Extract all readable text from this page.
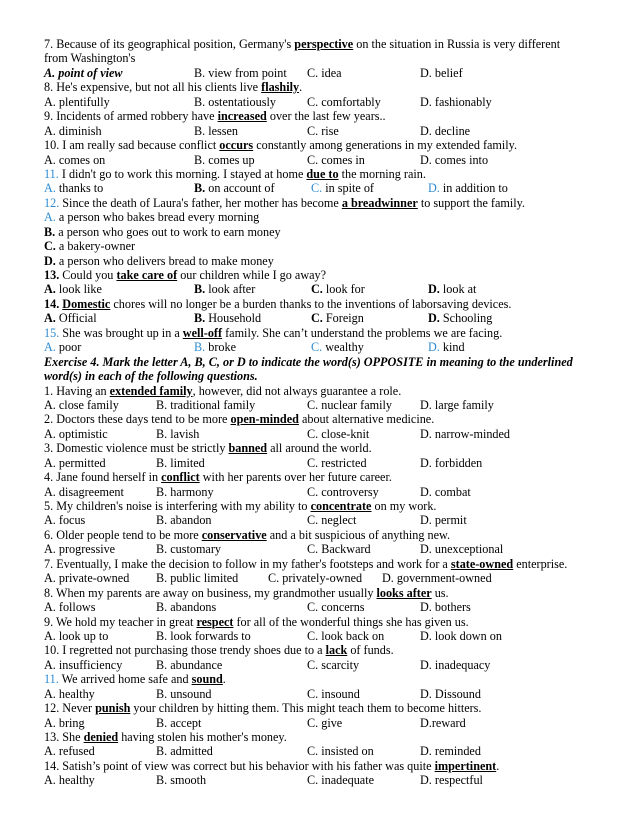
7. Because of its geographical position, Germany's perspective on the situation in Russia is very different
from Washington's
A. point of view	B. view from point C. idea	D. belief
8. He's expensive, but not all his clients live flashily.
A. plentifully	B. ostentatiously	C. comfortably	D. fashionably
9. Incidents of armed robbery have increased over the last few years..
A. diminish	B. lessen	C. rise	D. decline
10. I am really sad because conflict occurs constantly among generations in my extended family.
A. comes on	B. comes up	C. comes in	D. comes into
11. I didn't go to work this morning. I stayed at home due to the morning rain.
A. thanks to	B. on account of	C. in spite of	D. in addition to
12. Since the death of Laura's father, her mother has become a breadwinner to support the family.
A. a person who bakes bread every morning
B. a person who goes out to work to earn money
C. a bakery-owner
D. a person who delivers bread to make money
13. Could you take care of our children while I go away?
A. look like	B. look after	C. look for	D. look at
14. Domestic chores will no longer be a burden thanks to the inventions of laborsaving devices.
A. Official	B. Household	C. Foreign	D. Schooling
15. She was brought up in a well-off family. She can’t understand the problems we are facing.
A. poor	B. broke	C. wealthy	D. kind
Exercise 4. Mark the letter A, B, C, or D to indicate the word(s) OPPOSITE in meaning to the underlined
word(s) in each of the following questions.
1. Having an extended family, however, did not always guarantee a role.
A. close family	B. traditional family	C. nuclear family D. large family
2. Doctors these days tend to be more open-minded about alternative medicine.
A. optimistic	B. lavish	C. close-knit	D. narrow-minded
3. Domestic violence must be strictly banned all around the world.
A. permitted	B. limited	C. restricted	D. forbidden
4. Jane found herself in conflict with her parents over her future career.
A. disagreement	B. harmony	C. controversy	D. combat
5. My children's noise is interfering with my ability to concentrate on my work.
A. focus	B. abandon	C. neglect	D. permit
6. Older people tend to be more conservative and a bit suspicious of anything new.
A. progressive	B. customary	C. Backward	D. unexceptional
7. Eventually, I make the decision to follow in my father's footsteps and work for a state-owned enterprise.
A. private-owned B. public limited C. privately-owned D. government-owned
8. When my parents are away on business, my grandmother usually looks after us.
A. follows	B. abandons	C. concerns	D. bothers
9. We hold my teacher in great respect for all of the wonderful things she has given us.
A. look up to	B. look forwards to	C. look back on	D. look down on
10. I regretted not purchasing those trendy shoes due to a lack of funds.
A. insufficiency	B. abundance	C. scarcity	D. inadequacy
11. We arrived home safe and sound.
A. healthy	B. unsound	C. insound	D. Dissound
12. Never punish your children by hitting them. This might teach them to become hitters.
A. bring	B. accept	C. give	D.reward
13. She denied having stolen his mother's money.
A. refused	B. admitted	C. insisted on	D. reminded
14. Satish’s point of view was correct but his behavior with his father was quite impertinent.
A. healthy	B. smooth	C. inadequate	D. respectful
